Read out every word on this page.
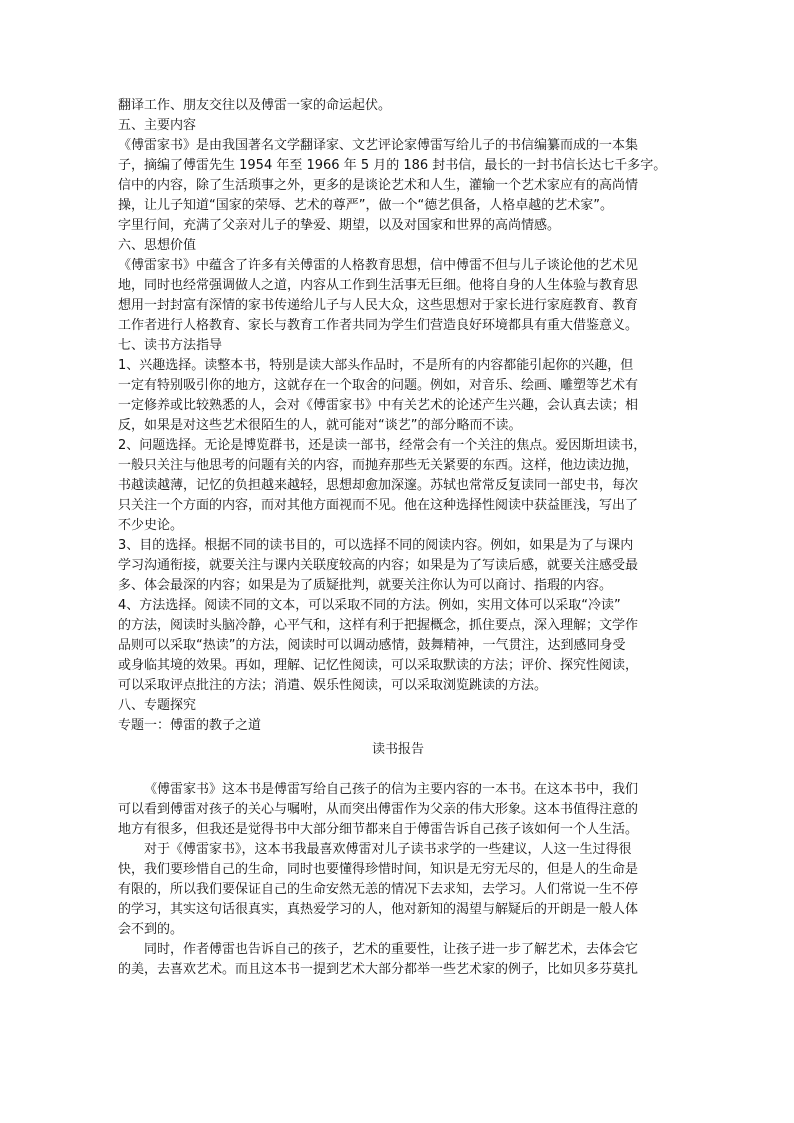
翻译工作、朋友交往以及傅雷一家的命运起伏。

五、主要内容

《傅雷家书》是由我国著名文学翻译家、文艺评论家傅雷写给儿子的书信编纂而成的一本集

子，摘编了傅雷先生 1954 年至 1966 年 5 月的 186 封书信，最长的一封书信长达七千多字。

信中的内容，除了生活琐事之外，更多的是谈论艺术和人生，灌输一个艺术家应有的高尚情

操，让儿子知道“国家的荣辱、艺术的尊严”，做一个“德艺俱备，人格卓越的艺术家”。

字里行间，充满了父亲对儿子的挚爱、期望，以及对国家和世界的高尚情感。

六、思想价值

《傅雷家书》中蕴含了许多有关傅雷的人格教育思想，信中傅雷不但与儿子谈论他的艺术见

地，同时也经常强调做人之道，内容从工作到生活事无巨细。他将自身的人生体验与教育思

想用一封封富有深情的家书传递给儿子与人民大众，这些思想对于家长进行家庭教育、教育

工作者进行人格教育、家长与教育工作者共同为学生们营造良好环境都具有重大借鉴意义。

七、读书方法指导

1、兴趣选择。读整本书，特别是读大部头作品时，不是所有的内容都能引起你的兴趣，但

一定有特别吸引你的地方，这就存在一个取舍的问题。例如，对音乐、绘画、雕塑等艺术有

一定修养或比较熟悉的人，会对《傅雷家书》中有关艺术的论述产生兴趣，会认真去读；相

反，如果是对这些艺术很陌生的人，就可能对“谈艺”的部分略而不读。

2、问题选择。无论是博览群书，还是读一部书，经常会有一个关注的焦点。爱因斯坦读书，

一般只关注与他思考的问题有关的内容，而抛弃那些无关紧要的东西。这样，他边读边抛，

书越读越薄，记忆的负担越来越轻，思想却愈加深邃。苏轼也常常反复读同一部史书，每次

只关注一个方面的内容，而对其他方面视而不见。他在这种选择性阅读中获益匪浅，写出了

不少史论。

3、目的选择。根据不同的读书目的，可以选择不同的阅读内容。例如，如果是为了与课内

学习沟通衔接，就要关注与课内关联度较高的内容；如果是为了写读后感，就要关注感受最

多、体会最深的内容；如果是为了质疑批判，就要关注你认为可以商讨、指瑕的内容。

4、方法选择。阅读不同的文本，可以采取不同的方法。例如，实用文体可以采取“冷读”

的方法，阅读时头脑冷静，心平气和，这样有利于把握概念，抓住要点，深入理解；文学作

品则可以采取“热读”的方法，阅读时可以调动感情，鼓舞精神，一气贯注，达到感同身受

或身临其境的效果。再如，理解、记忆性阅读，可以采取默读的方法；评价、探究性阅读，

可以采取评点批注的方法；消遣、娱乐性阅读，可以采取浏览跳读的方法。

八、专题探究

专题一：傅雷的教子之道

读书报告

《傅雷家书》这本书是傅雷写给自己孩子的信为主要内容的一本书。在这本书中，我们

可以看到傅雷对孩子的关心与嘱咐，从而突出傅雷作为父亲的伟大形象。这本书值得注意的

地方有很多，但我还是觉得书中大部分细节都来自于傅雷告诉自己孩子该如何一个人生活。

对于《傅雷家书》，这本书我最喜欢傅雷对儿子读书求学的一些建议，人这一生过得很

快，我们要珍惜自己的生命，同时也要懂得珍惜时间，知识是无穷无尽的，但是人的生命是

有限的，所以我们要保证自己的生命安然无恙的情况下去求知，去学习。人们常说一生不停

的学习，其实这句话很真实，真热爱学习的人，他对新知的渴望与解疑后的开朗是一般人体

会不到的。

同时，作者傅雷也告诉自己的孩子，艺术的重要性，让孩子进一步了解艺术，去体会它

的美，去喜欢艺术。而且这本书一提到艺术大部分都举一些艺术家的例子，比如贝多芬莫扎
